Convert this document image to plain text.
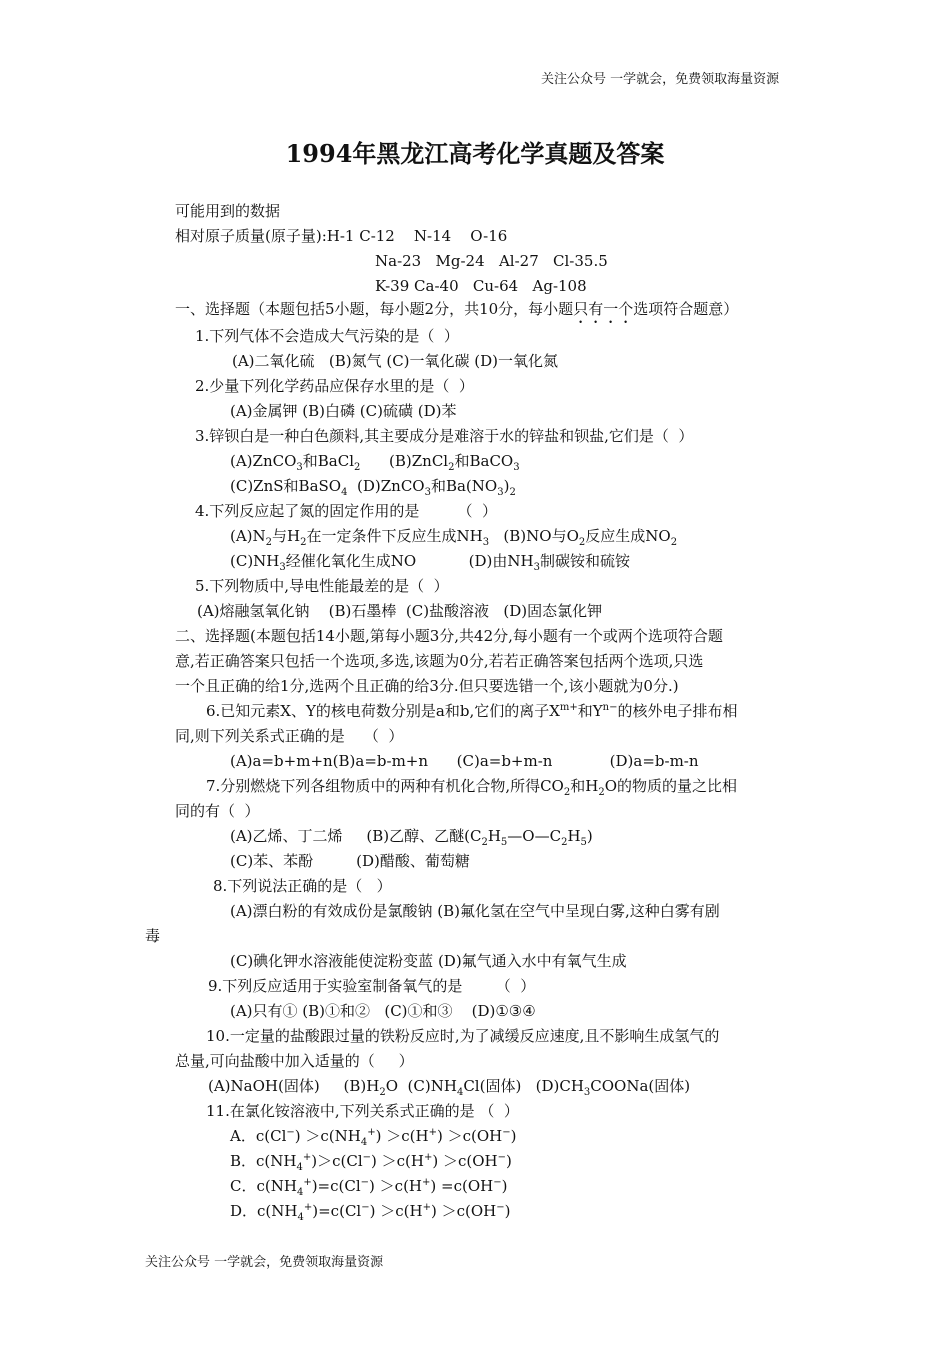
关注公众号 一学就会，免费领取海量资源
1994年黑龙江高考化学真题及答案
可能用到的数据
相对原子质量(原子量):H-1 C-12    N-14    O-16
Na-23   Mg-24   Al-27   Cl-35.5
K-39 Ca-40   Cu-64   Ag-108
一、选择题（本题包括5小题，每小题2分，共10分，每小题只有一个选项符合题意）
1.下列气体不会造成大气污染的是（  ）
(A)二氧化硫   (B)氮气 (C)一氧化碳 (D)一氧化氮
2.少量下列化学药品应保存水里的是（  ）
(A)金属钾 (B)白磷 (C)硫磺 (D)苯
3.锌钡白是一种白色颜料,其主要成分是难溶于水的锌盐和钡盐,它们是（  ）
(A)ZnCO$_3$和BaCl$_2$      (B)ZnCl$_2$和BaCO$_3$
(C)ZnS和BaSO$_4$  (D)ZnCO$_3$和$Ba(NO_3)_2$
4.下列反应起了氮的固定作用的是        （  ）
$(A)N_2$与$H_2$在一定条件下反应生成$NH_3$   (B)NO与$O_2$反应生成$NO_2$
$(C)NH_3$经催化氧化生成NO           (D)由$NH_3$制碳铵和硫铵
5.下列物质中,导电性能最差的是（  ）
(A)熔融氢氧化钠    (B)石墨棒  (C)盐酸溶液   (D)固态氯化钾
二、选择题(本题包括14小题,第每小题3分,共42分,每小题有一个或两个选项符合题
意,若正确答案只包括一个选项,多选,该题为0分,若若正确答案包括两个选项,只选
一个且正确的给1分,选两个且正确的给3分.但只要选错一个,该小题就为0分.)
6.已知元素X、Y的核电荷数分别是a和b,它们的离子$X^{m+}$和$Y^{n-}$的核外电子排布相
同,则下列关系式正确的是    （  ）
(A)a=b+m+n(B)a=b-m+n      (C)a=b+m-n            (D)a=b-m-n
7.分别燃烧下列各组物质中的两种有机化合物,所得$CO_2$和$H_2O$的物质的量之比相
同的有（  ）
(A)乙烯、丁二烯     (B)乙醇、乙醚$(C_2H_5—O—C_2H_5)$
(C)苯、苯酚         (D)醋酸、葡萄糖
8.下列说法正确的是（   ）
(A)漂白粉的有效成份是氯酸钠 (B)氟化氢在空气中呈现白雾,这种白雾有剧
毒
(C)碘化钾水溶液能使淀粉变蓝 (D)氟气通入水中有氧气生成
9.下列反应适用于实验室制备氧气的是       （  ）
(A)只有① (B)①和②   (C)①和③    (D)①③④
10.一定量的盐酸跟过量的铁粉反应时,为了减缓反应速度,且不影响生成氢气的
总量,可向盐酸中加入适量的（     ）
(A)NaOH(固体)     $(B)H_2O$  $(C)NH_4Cl$(固体)   $(D)CH_3COONa$(固体)
11.在氯化铵溶液中,下列关系式正确的是 （  ）
A．$c(Cl^-) >c(NH_4^+) >c(H^+) >c(OH^-)$
B．$c(NH_4^+)>c(Cl^-) >c(H^+) >c(OH^-)$
C．$c(NH_4^+)=c(Cl^-) >c(H^+) =c(OH^-)$
D．$c(NH_4^+)=c(Cl^-) >c(H^+) >c(OH^-)$
关注公众号 一学就会，免费领取海量资源
